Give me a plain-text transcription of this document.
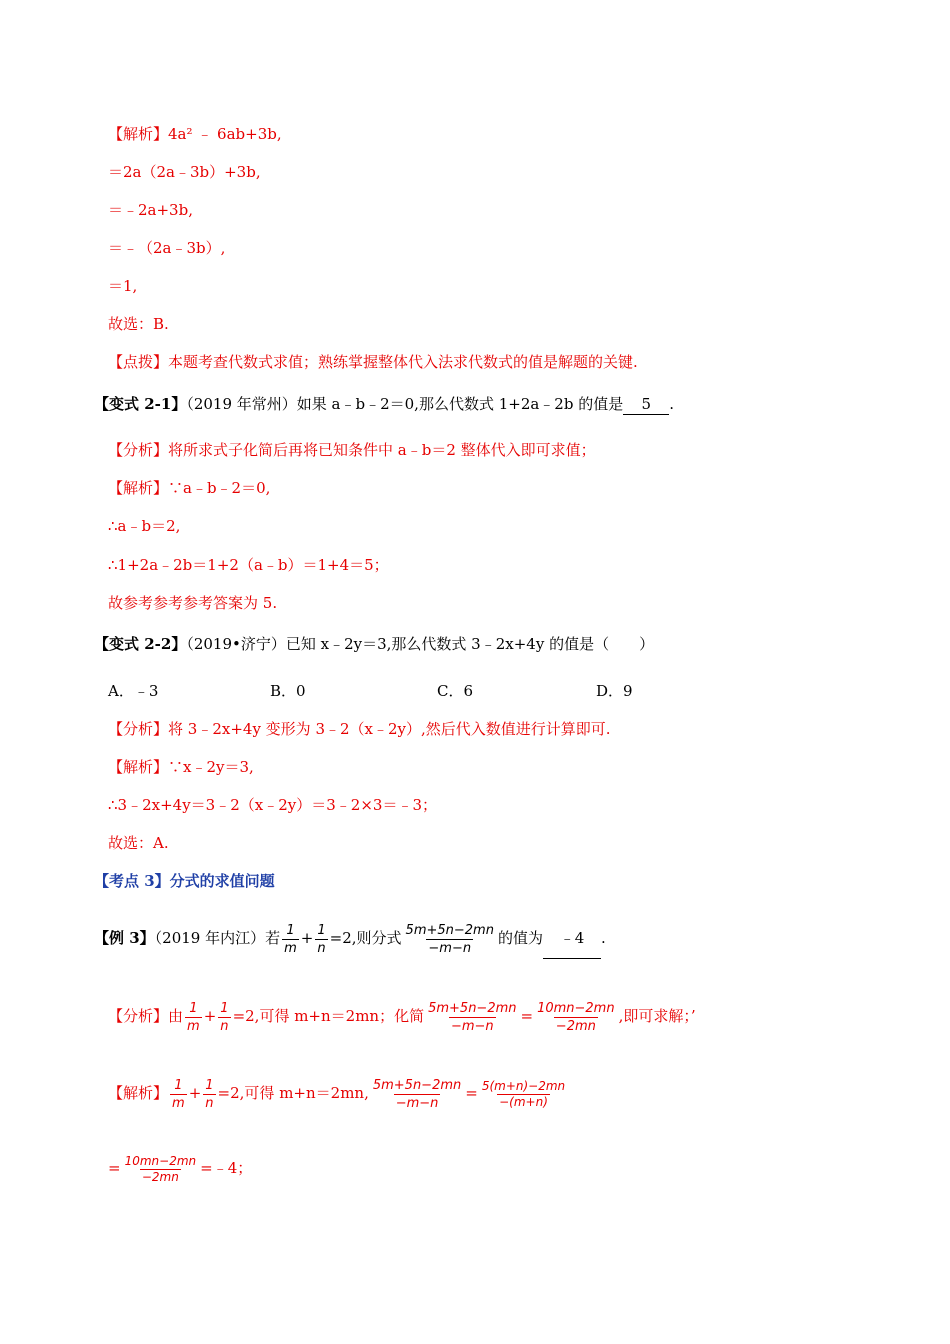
【解析】4a² ﹣ 6ab+3b,
＝2a（2a﹣3b）+3b,
＝﹣2a+3b,
＝﹣（2a﹣3b）,
＝1,
故选：B.
【点拨】本题考查代数式求值；熟练掌握整体代入法求代数式的值是解题的关键.
【变式 2-1】（2019 年常州）如果 a﹣b﹣2＝0,那么代数式 1+2a﹣2b 的值是 5 .
【分析】将所求式子化简后再将已知条件中 a﹣b＝2 整体代入即可求值；
【解析】∵a﹣b﹣2＝0,
∴a﹣b＝2,
∴1+2a﹣2b＝1+2（a﹣b）＝1+4＝5；
故参考参考参考答案为 5.
【变式 2-2】（2019•济宁）已知 x﹣2y＝3,那么代数式 3﹣2x+4y 的值是（　　）
A．﹣3	B．0	C．6	D．9
【分析】将 3﹣2x+4y 变形为 3﹣2（x﹣2y）,然后代入数值进行计算即可.
【解析】∵x﹣2y＝3,
∴3﹣2x+4y＝3﹣2（x﹣2y）＝3﹣2×3＝﹣3；
故选：A.
【考点 3】分式的求值问题
【例 3】（2019 年内江）若 $\frac{1}{m} + \frac{1}{n} =2$,则分式 $\frac{5m+5n-2mn}{-m-n}$ 的值为 ﹣4 .
【分析】由 $\frac{1}{m} + \frac{1}{n} =2$,可得 m+n＝2mn；化简 $\frac{5m+5n-2mn}{-m-n} = \frac{10mn-2mn}{-2mn}$ ,即可求解；’
【解析】 $\frac{1}{m} + \frac{1}{n} =2$,可得 m+n＝2mn, $\frac{5m+5n-2mn}{-m-n} = \frac{5(m+n)-2mn}{-(m+n)}$
= $\frac{10mn-2mn}{-2mn}$ =﹣4；
